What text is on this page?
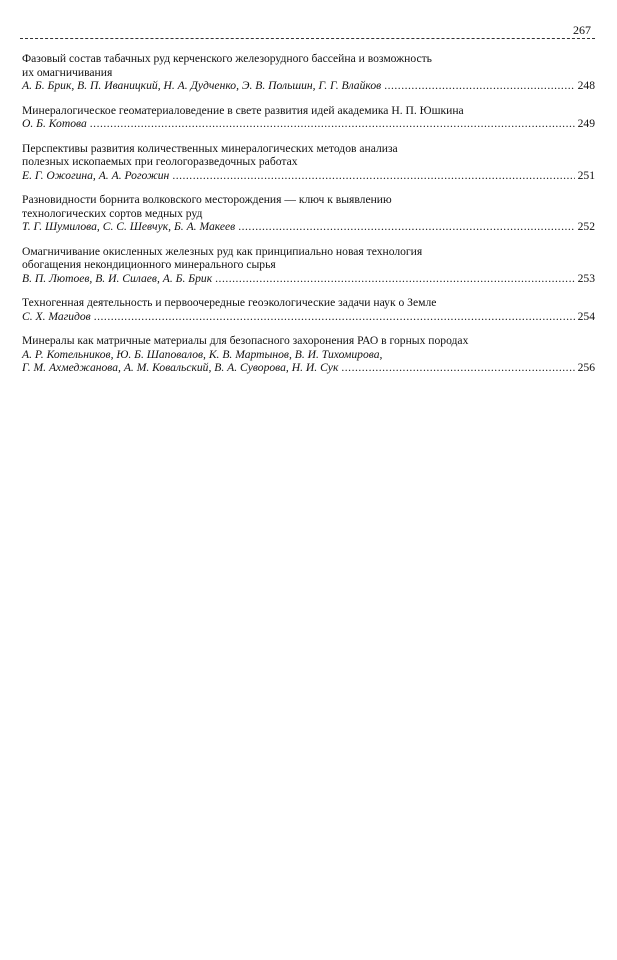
267
Фазовый состав табачных руд керченского железорудного бассейна и возможность
их омагничивания
А. Б. Брик, В. П. Иваницкий, Н. А. Дудченко, Э. В. Польшин, Г. Г. Влайков .....	248
Минералогическое геоматериаловедение в свете развития идей академика Н. П. Юшкина
О. Б. Котова .....	249
Перспективы развития количественных минералогических методов анализа
полезных ископаемых при геологоразведочных работах
Е. Г. Ожогина, А. А. Рогожин .....	251
Разновидности борнита волковского месторождения — ключ к выявлению
технологических сортов медных руд
Т. Г. Шумилова, С. С. Шевчук, Б. А. Макеев .....	252
Омагничивание окисленных железных руд как принципиально новая технология
обогащения некондиционного минерального сырья
В. П. Лютоев, В. И. Силаев, А. Б. Брик .....	253
Техногенная деятельность и первоочередные геоэкологические задачи наук о Земле
С. Х. Магидов .....	254
Минералы как матричные материалы для безопасного захоронения РАО в горных породах
А. Р. Котельников, Ю. Б. Шаповалов, К. В. Мартынов, В. И. Тихомирова,
Г. М. Ахмеджанова, А. М. Ковальский, В. А. Суворова, Н. И. Сук .....	256
